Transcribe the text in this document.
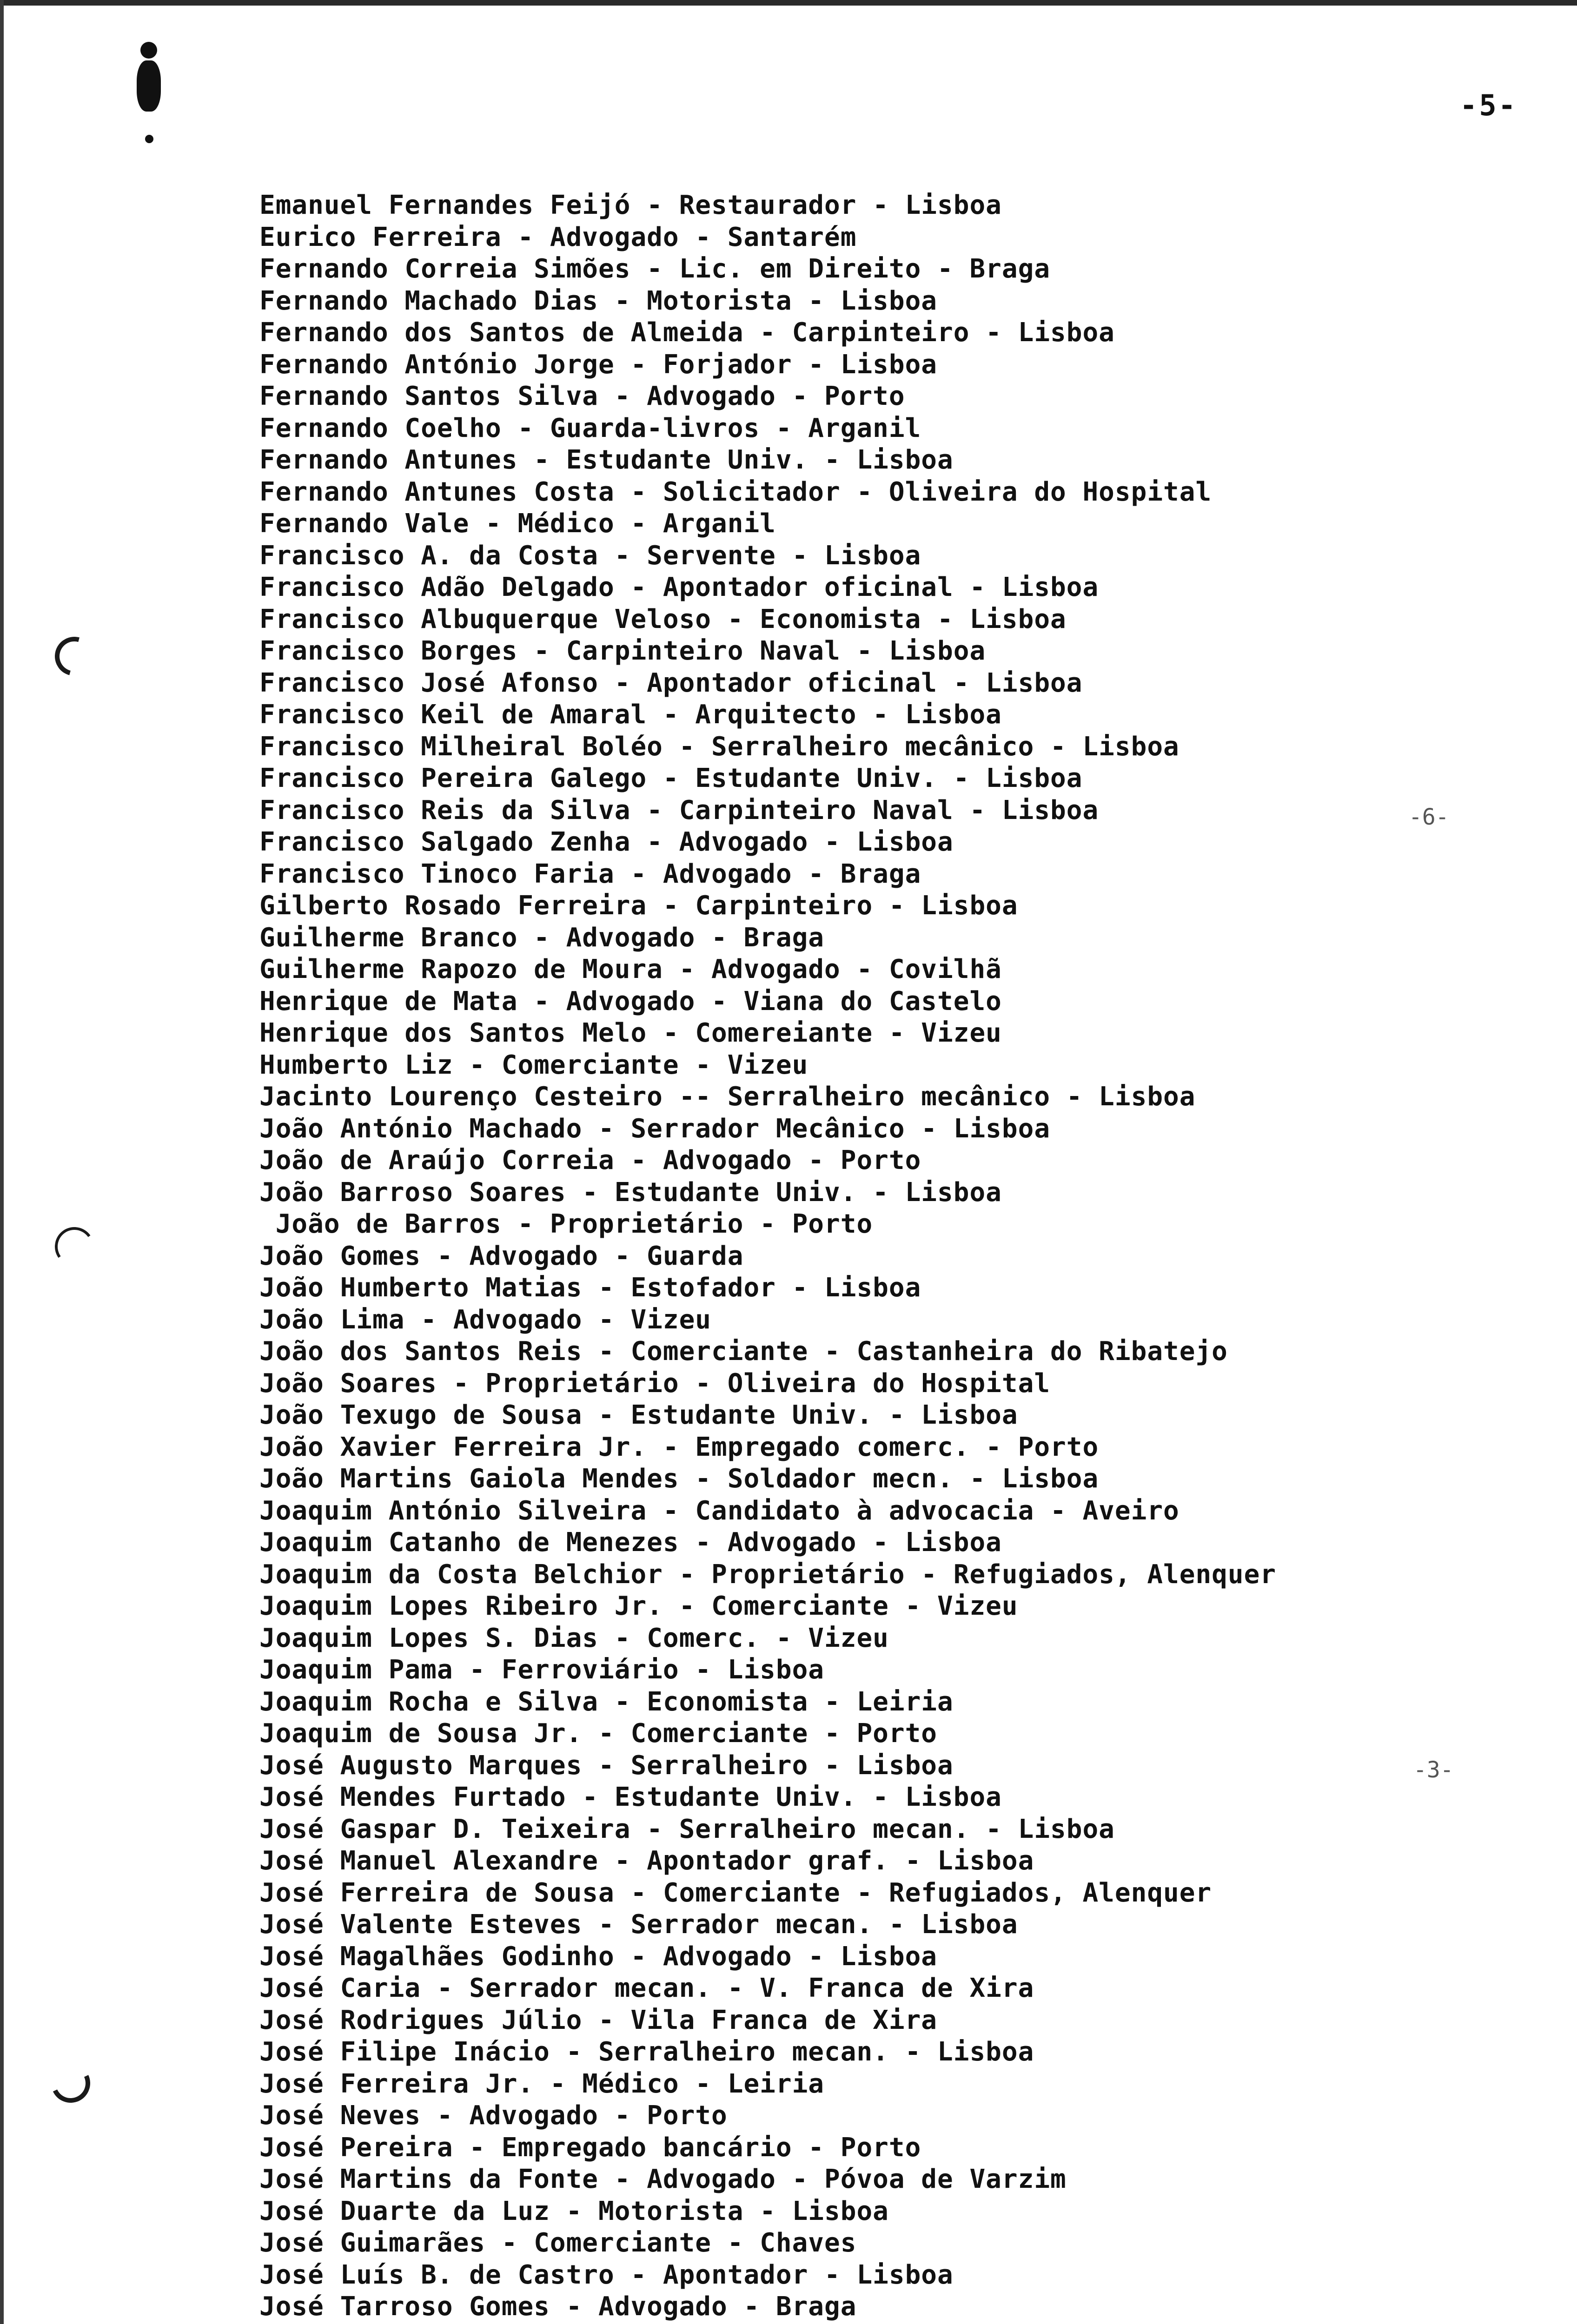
-5-
-6-
-3-
Emanuel Fernandes Feijó - Restaurador - Lisboa
Eurico Ferreira - Advogado - Santarém
Fernando Correia Simões - Lic. em Direito - Braga
Fernando Machado Dias - Motorista - Lisboa
Fernando dos Santos de Almeida - Carpinteiro - Lisboa
Fernando António Jorge - Forjador - Lisboa
Fernando Santos Silva - Advogado - Porto
Fernando Coelho - Guarda-livros - Arganil
Fernando Antunes - Estudante Univ. - Lisboa
Fernando Antunes Costa - Solicitador - Oliveira do Hospital
Fernando Vale - Médico - Arganil
Francisco A. da Costa - Servente - Lisboa
Francisco Adão Delgado - Apontador oficinal - Lisboa
Francisco Albuquerque Veloso - Economista - Lisboa
Francisco Borges - Carpinteiro Naval - Lisboa
Francisco José Afonso - Apontador oficinal - Lisboa
Francisco Keil de Amaral - Arquitecto - Lisboa
Francisco Milheiral Boléo - Serralheiro mecânico - Lisboa
Francisco Pereira Galego - Estudante Univ. - Lisboa
Francisco Reis da Silva - Carpinteiro Naval - Lisboa
Francisco Salgado Zenha - Advogado - Lisboa
Francisco Tinoco Faria - Advogado - Braga
Gilberto Rosado Ferreira - Carpinteiro - Lisboa
Guilherme Branco - Advogado - Braga
Guilherme Rapozo de Moura - Advogado - Covilhã
Henrique de Mata - Advogado - Viana do Castelo
Henrique dos Santos Melo - Comereiante - Vizeu
Humberto Liz - Comerciante - Vizeu
Jacinto Lourenço Cesteiro -- Serralheiro mecânico - Lisboa
João António Machado - Serrador Mecânico - Lisboa
João de Araújo Correia - Advogado - Porto
João Barroso Soares - Estudante Univ. - Lisboa
João de Barros - Proprietário - Porto
João Gomes - Advogado - Guarda
João Humberto Matias - Estofador - Lisboa
João Lima - Advogado - Vizeu
João dos Santos Reis - Comerciante - Castanheira do Ribatejo
João Soares - Proprietário - Oliveira do Hospital
João Texugo de Sousa - Estudante Univ. - Lisboa
João Xavier Ferreira Jr. - Empregado comerc. - Porto
João Martins Gaiola Mendes - Soldador mecn. - Lisboa
Joaquim António Silveira - Candidato à advocacia - Aveiro
Joaquim Catanho de Menezes - Advogado - Lisboa
Joaquim da Costa Belchior - Proprietário - Refugiados, Alenquer
Joaquim Lopes Ribeiro Jr. - Comerciante - Vizeu
Joaquim Lopes S. Dias - Comerc. - Vizeu
Joaquim Pama - Ferroviário - Lisboa
Joaquim Rocha e Silva - Economista - Leiria
Joaquim de Sousa Jr. - Comerciante - Porto
José Augusto Marques - Serralheiro - Lisboa
José Mendes Furtado - Estudante Univ. - Lisboa
José Gaspar D. Teixeira - Serralheiro mecan. - Lisboa
José Manuel Alexandre - Apontador graf. - Lisboa
José Ferreira de Sousa - Comerciante - Refugiados, Alenquer
José Valente Esteves - Serrador mecan. - Lisboa
José Magalhães Godinho - Advogado - Lisboa
José Caria - Serrador mecan. - V. Franca de Xira
José Rodrigues Júlio - Vila Franca de Xira
José Filipe Inácio - Serralheiro mecan. - Lisboa
José Ferreira Jr. - Médico - Leiria
José Neves - Advogado - Porto
José Pereira - Empregado bancário - Porto
José Martins da Fonte - Advogado - Póvoa de Varzim
José Duarte da Luz - Motorista - Lisboa
José Guimarães - Comerciante - Chaves
José Luís B. de Castro - Apontador - Lisboa
José Tarroso Gomes - Advogado - Braga
